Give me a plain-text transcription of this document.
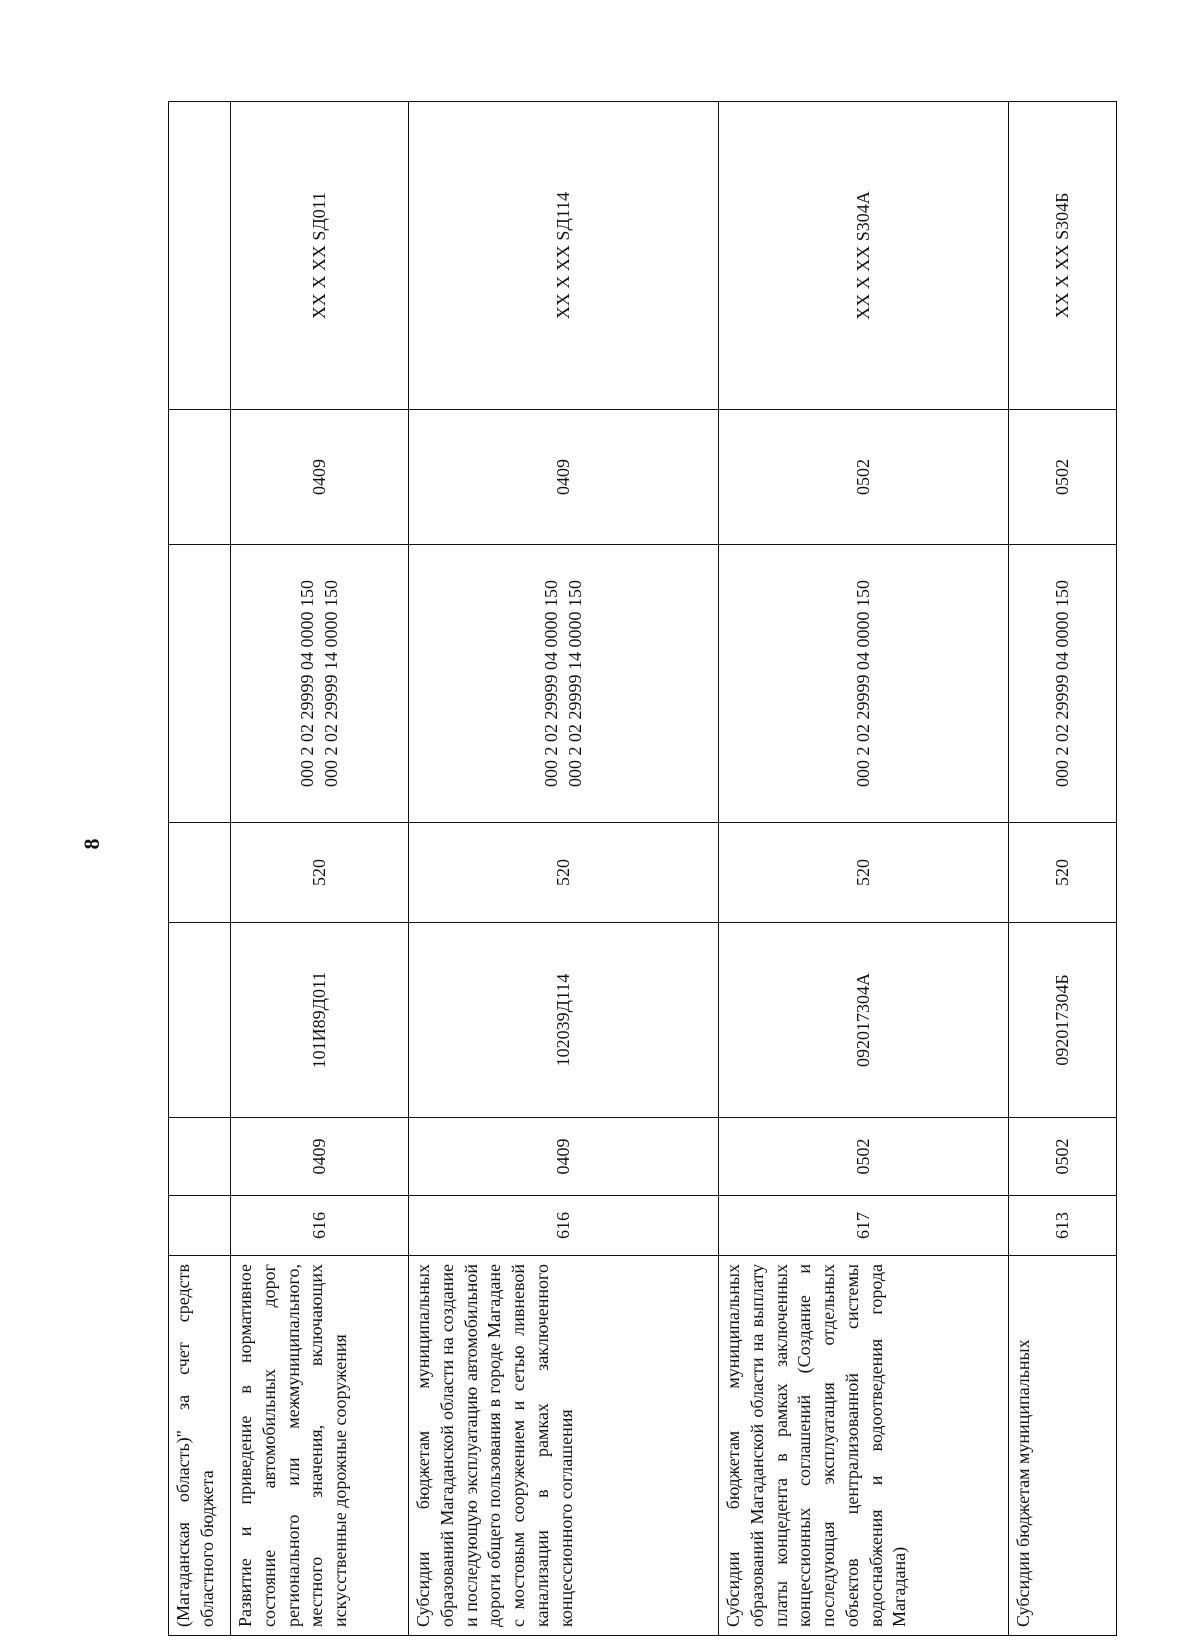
8
(Магаданская область)" за счет средств областного бюджета							
Развитие и приведение в нормативное состояние автомобильных дорог регионального или межмуниципального, местного значения, включающих искусственные дорожные сооружения	616	0409	101И89Д011	520	000 2 02 29999 04 0000 150 000 2 02 29999 14 0000 150	0409	XX X XX SД011
Субсидии бюджетам муниципальных образований Магаданской области на создание и последующую эксплуатацию автомобильной дороги общего пользования в городе Магадане с мостовым сооружением и сетью ливневой канализации в рамках заключенного концессионного соглашения	616	0409	102039Д114	520	000 2 02 29999 04 0000 150 000 2 02 29999 14 0000 150	0409	XX X XX SД114
Субсидии бюджетам муниципальных образований Магаданской области на выплату платы концедента в рамках заключенных концессионных соглашений (Создание и последующая эксплуатация отдельных объектов централизованной системы водоснабжения и водоотведения города Магадана)	617	0502	092017304А	520	000 2 02 29999 04 0000 150	0502	XX X XX S304А
Субсидии бюджетам муниципальных	613	0502	092017304Б	520	000 2 02 29999 04 0000 150	0502	XX X XX S304Б
